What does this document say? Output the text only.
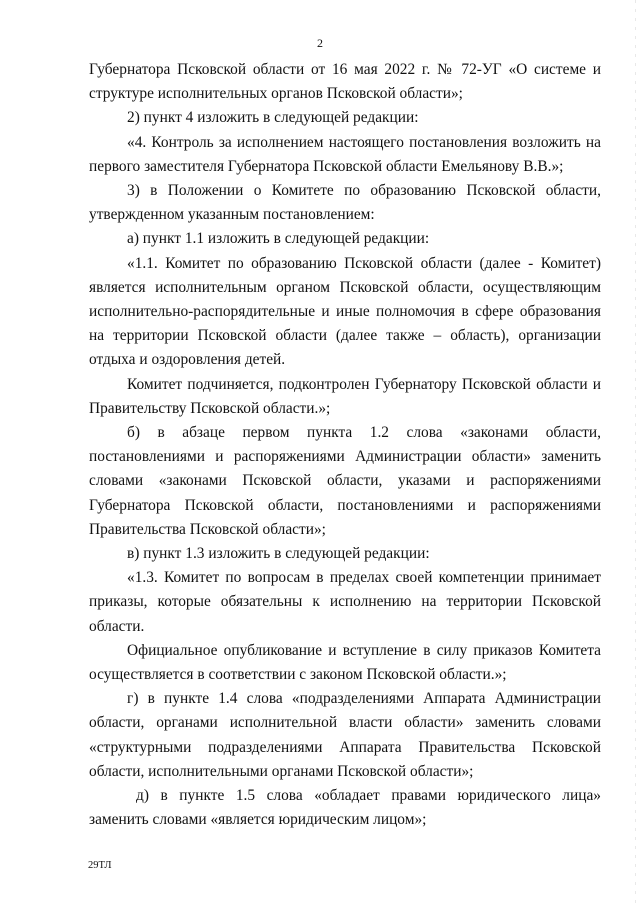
2

Губернатора Псковской области от 16 мая 2022 г. № 72-УГ «О системе и структуре исполнительных органов Псковской области»;

2) пункт 4 изложить в следующей редакции:

«4. Контроль за исполнением настоящего постановления возложить на первого заместителя Губернатора Псковской области Емельянову В.В.»;

3) в Положении о Комитете по образованию Псковской области, утвержденном указанным постановлением:

а) пункт 1.1 изложить в следующей редакции:

«1.1. Комитет по образованию Псковской области (далее - Комитет) является исполнительным органом Псковской области, осуществляющим исполнительно-распорядительные и иные полномочия в сфере образования на территории Псковской области (далее также – область), организации отдыха и оздоровления детей.

Комитет подчиняется, подконтролен Губернатору Псковской области и Правительству Псковской области.»;

б) в абзаце первом пункта 1.2 слова «законами области, постановлениями и распоряжениями Администрации области» заменить словами «законами Псковской области, указами и распоряжениями Губернатора Псковской области, постановлениями и распоряжениями Правительства Псковской области»;

в) пункт 1.3 изложить в следующей редакции:

«1.3. Комитет по вопросам в пределах своей компетенции принимает приказы, которые обязательны к исполнению на территории Псковской области.

Официальное опубликование и вступление в силу приказов Комитета осуществляется в соответствии с законом Псковской области.»;

г) в пункте 1.4 слова «подразделениями Аппарата Администрации области, органами исполнительной власти области» заменить словами «структурными подразделениями Аппарата Правительства Псковской области, исполнительными органами Псковской области»;

д) в пункте 1.5 слова «обладает правами юридического лица» заменить словами «является юридическим лицом»;

29ТЛ
